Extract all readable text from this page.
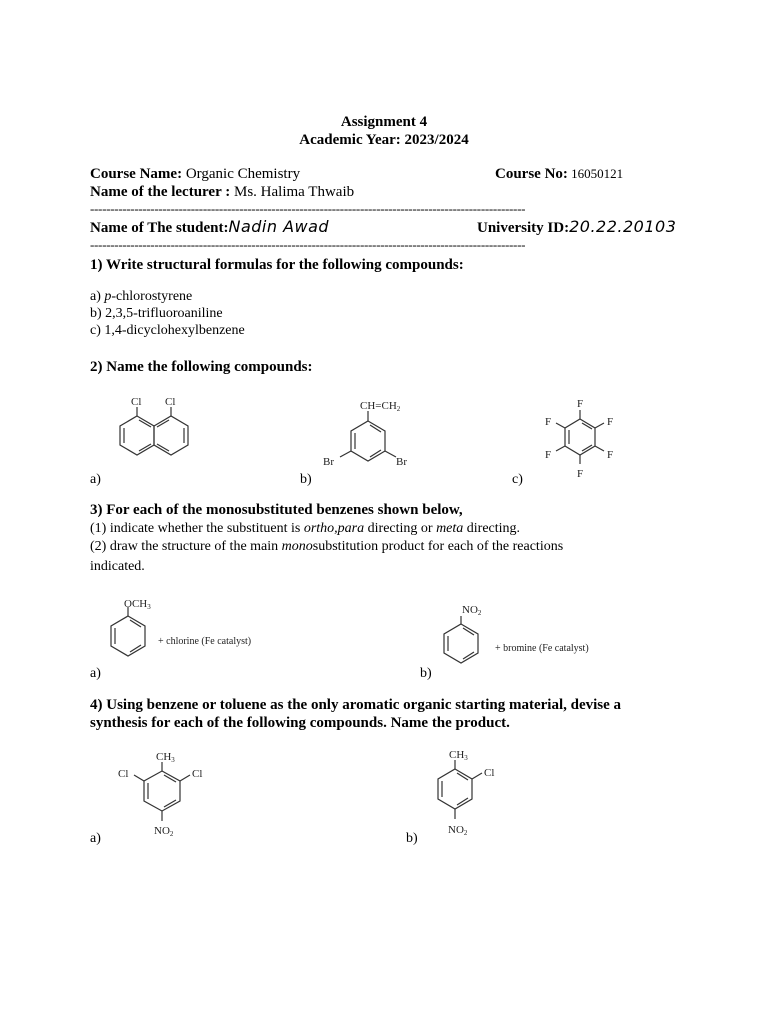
Assignment 4
Academic Year: 2023/2024
Course Name: Organic Chemistry	Course No: 16050121
Name of the lecturer : Ms. Halima Thwaib
------------------------------------------------------------------------------------------------------------
Name of The student:Nadin Awad	University ID:20.22.20103
------------------------------------------------------------------------------------------------------------
1) Write structural formulas for the following compounds:
a) p-chlorostyrene
b) 2,3,5-trifluoroaniline
c) 1,4-dicyclohexylbenzene
2) Name the following compounds:
Cl Cl
a)
CH=CH2
Br	Br
b)
F
F
F
F
F
F
c)
3) For each of the monosubstituted benzenes shown below,
(1) indicate whether the substituent is ortho,para directing or meta directing.
(2) draw the structure of the main monosubstitution product for each of the reactions
indicated.
OCH3
+ chlorine (Fe catalyst)
a)
NO2
+ bromine (Fe catalyst)
b)
4) Using benzene or toluene as the only aromatic organic starting material, devise a
synthesis for each of the following compounds. Name the product.
CH3
Cl	Cl
NO2
a)
CH3
Cl
NO2
b)
